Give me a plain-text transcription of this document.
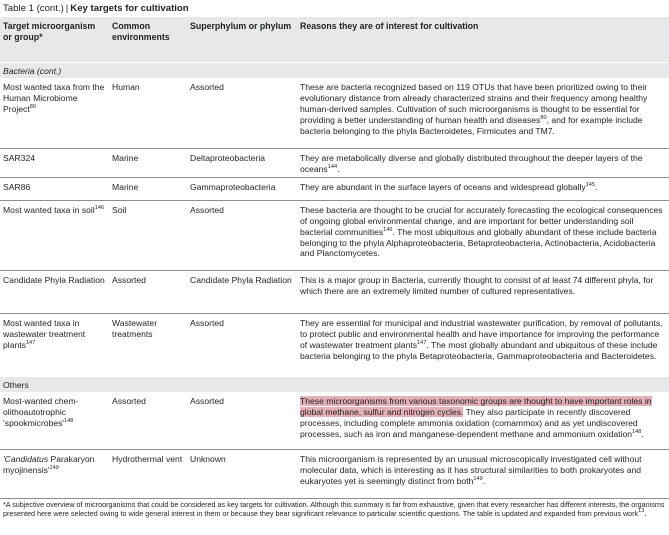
Table 1 (cont.) | Key targets for cultivation
Target microorganism or group*	Common environments	Superphylum or phylum	Reasons they are of interest for cultivation
Bacteria (cont.)			
Most wanted taxa from the Human Microbiome Project$^{80}$	Human	Assorted	These are bacteria recognized based on 119 OTUs that have been prioritized owing to their evolutionary distance from already characterized strains and their frequency among healthy human-derived samples. Cultivation of such microorganisms is thought to be essential for providing a better understanding of human health and diseases$^{80}$, and for example include bacteria belonging to the phyla Bacteroidetes, Firmicutes and TM7.
SAR324	Marine	Deltaproteobacteria	They are metabolically diverse and globally distributed throughout the deeper layers of the oceans$^{144}$.
SAR86	Marine	Gammaproteobacteria	They are abundant in the surface layers of oceans and widespread globally$^{145}$.
Most wanted taxa in soil$^{146}$	Soil	Assorted	These bacteria are thought to be crucial for accurately forecasting the ecological consequences of ongoing global environmental change, and are important for better understanding soil bacterial communities$^{146}$. The most ubiquitous and globally abundant of these include bacteria belonging to the phyla Alphaproteobacteria, Betaproteobacteria, Actinobacteria, Acidobacteria and Planctomycetes.
Candidate Phyla Radiation	Assorted	Candidate Phyla Radiation	This is a major group in Bacteria, currently thought to consist of at least 74 different phyla, for which there are an extremely limited number of cultured representatives.
Most wanted taxa in wastewater treatment plants$^{147}$	Wastewater treatments	Assorted	They are essential for municipal and industrial wastewater purification, by removal of pollutants, to protect public and environmental health and have importance for improving the performance of wastewater treatment plants$^{147}$. The most globally abundant and ubiquitous of these include bacteria belonging to the phyla Betaproteobacteria, Gammaproteobacteria and Bacteroidetes.
Others			
Most-wanted chem-olithoautotrophic '$spookmicrobes'^{148}$	Assorted	Assorted	These microorganisms from various taxonomic groups are thought to have important roles in global methane, sulfur and nitrogen cycles. They also participate in recently discovered processes, including complete ammonia oxidation (comammox) and as yet undiscovered processes, such as iron and manganese-dependent methane and ammonium oxidation$^{148}$.
'Candidatus Parakaryon $myojinensis'^{149}$	Hydrothermal vent	Unknown	This microorganism is represented by an unusual microscopically investigated cell without molecular data, which is interesting as it has structural similarities to both prokaryotes and eukaryotes yet is seemingly distinct from both$^{149}$.
*A subjective overview of microorganisms that could be considered as key targets for cultivation. Although this summary is far from exhaustive, given that every researcher has different interests, the organisms presented here were selected owing to wide general interest in them or because they bear significant relevance to particular scientific questions. The table is updated and expanded from previous work$^{13}$.
